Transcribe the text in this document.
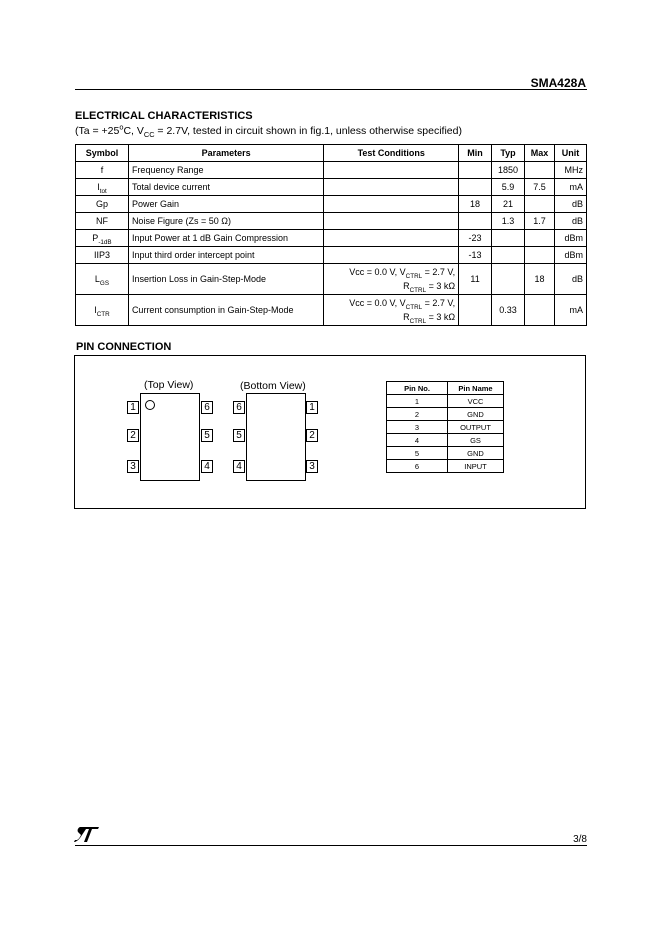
SMA428A
ELECTRICAL CHARACTERISTICS
($Ta = +25^oC$, $V_{CC} = 2.7V$, tested in circuit shown in fig.1, unless otherwise specified)
Symbol	Parameters	Test Conditions	Min	Typ	Max	Unit
f	Frequency Range			1850		MHz
$I_{tot}$	Total device current			5.9	7.5	mA
Gp	Power Gain		18	21		dB
NF	Noise Figure (Zs = 50 Ω)			1.3	1.7	dB
$P_{-1dB}$	Input Power at 1 dB Gain Compression		-23			dBm
IIP3	Input third order intercept point		-13			dBm
$L_{GS}$	Insertion Loss in Gain-Step-Mode	Vcc = 0.0 V, $V_{CTRL} = 2.7$ V,
$R_{CTRL} = 3$ kΩ	11		18	dB
$I_{CTR}$	Current consumption in Gain-Step-Mode	Vcc = 0.0 V, $V_{CTRL} = 2.7$ V,
$R_{CTRL} = 3$ kΩ		0.33		mA
PIN CONNECTION
(Top View)
1
2
3
6
5
4
(Bottom View)
6
5
4
1
2
3
Pin No.	Pin Name
1	VCC
2	GND
3	OUTPUT
4	GS
5	GND
6	INPUT
3/8
